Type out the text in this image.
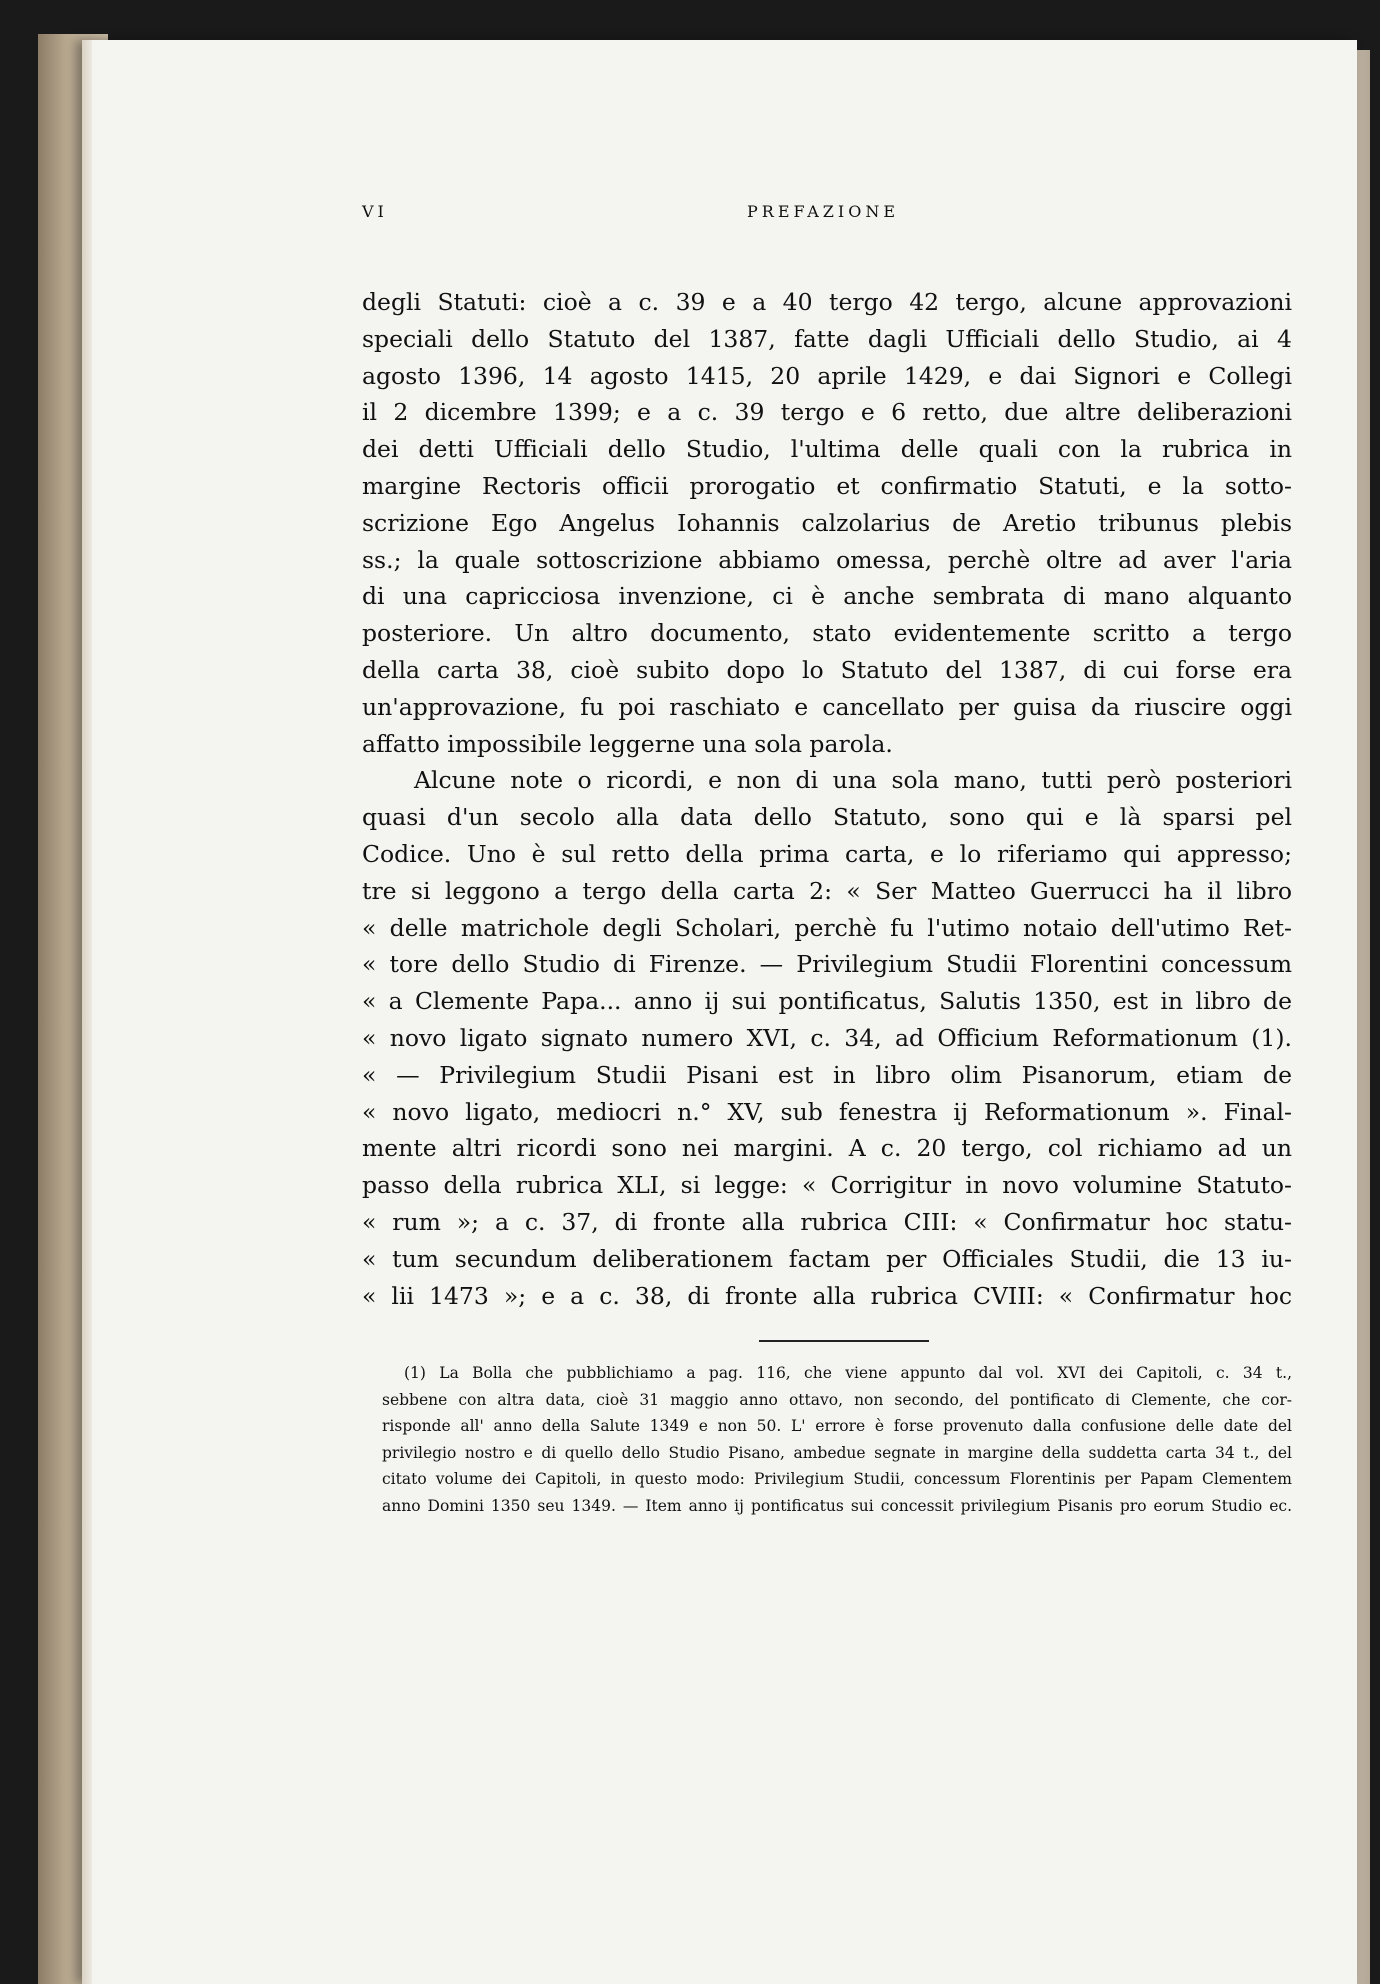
VI	PREFAZIONE
degli Statuti: cioè a c. 39 e a 40 tergo 42 tergo, alcune approvazioni
speciali dello Statuto del 1387, fatte dagli Ufficiali dello Studio, ai 4
agosto 1396, 14 agosto 1415, 20 aprile 1429, e dai Signori e Collegi
il 2 dicembre 1399; e a c. 39 tergo e 6 retto, due altre deliberazioni
dei detti Ufficiali dello Studio, l'ultima delle quali con la rubrica in
margine Rectoris officii prorogatio et confirmatio Statuti, e la sotto-
scrizione Ego Angelus Iohannis calzolarius de Aretio tribunus plebis
ss.; la quale sottoscrizione abbiamo omessa, perchè oltre ad aver l'aria
di una capricciosa invenzione, ci è anche sembrata di mano alquanto
posteriore. Un altro documento, stato evidentemente scritto a tergo
della carta 38, cioè subito dopo lo Statuto del 1387, di cui forse era
un'approvazione, fu poi raschiato e cancellato per guisa da riuscire oggi
affatto impossibile leggerne una sola parola.
Alcune note o ricordi, e non di una sola mano, tutti però posteriori
quasi d'un secolo alla data dello Statuto, sono qui e là sparsi pel
Codice. Uno è sul retto della prima carta, e lo riferiamo qui appresso;
tre si leggono a tergo della carta 2: « Ser Matteo Guerrucci ha il libro
« delle matrichole degli Scholari, perchè fu l'utimo notaio dell'utimo Ret-
« tore dello Studio di Firenze. — Privilegium Studii Florentini concessum
« a Clemente Papa... anno ij sui pontificatus, Salutis 1350, est in libro de
« novo ligato signato numero XVI, c. 34, ad Officium Reformationum (1).
« — Privilegium Studii Pisani est in libro olim Pisanorum, etiam de
« novo ligato, mediocri n.° XV, sub fenestra ij Reformationum ». Final-
mente altri ricordi sono nei margini. A c. 20 tergo, col richiamo ad un
passo della rubrica XLI, si legge: « Corrigitur in novo volumine Statuto-
« rum »; a c. 37, di fronte alla rubrica CIII: « Confirmatur hoc statu-
« tum secundum deliberationem factam per Officiales Studii, die 13 iu-
« lii 1473 »; e a c. 38, di fronte alla rubrica CVIII: « Confirmatur hoc
(1) La Bolla che pubblichiamo a pag. 116, che viene appunto dal vol. XVI dei Capitoli, c. 34 t.,
sebbene con altra data, cioè 31 maggio anno ottavo, non secondo, del pontificato di Clemente, che cor-
risponde all' anno della Salute 1349 e non 50. L' errore è forse provenuto dalla confusione delle date del
privilegio nostro e di quello dello Studio Pisano, ambedue segnate in margine della suddetta carta 34 t., del
citato volume dei Capitoli, in questo modo: Privilegium Studii, concessum Florentinis per Papam Clementem
anno Domini 1350 seu 1349. — Item anno ij pontificatus sui concessit privilegium Pisanis pro eorum Studio ec.
